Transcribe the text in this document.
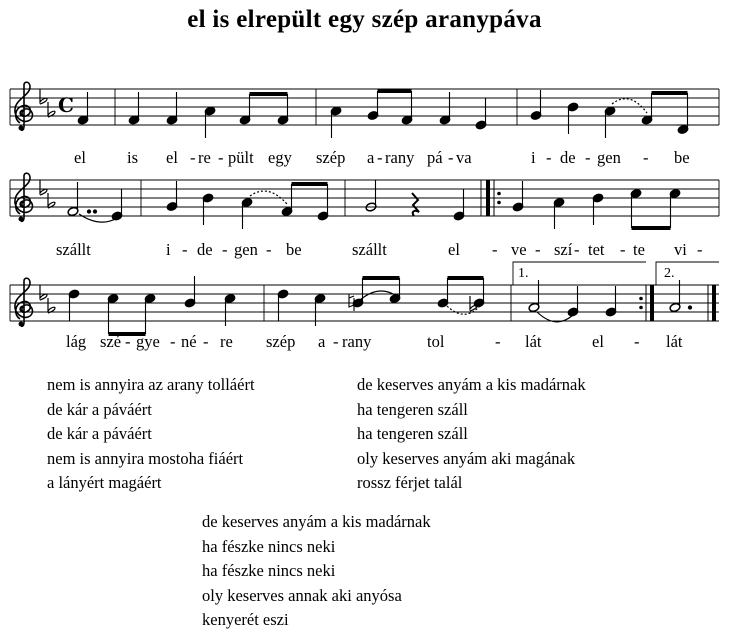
el is elrepült egy szép aranypáva
C
el is el - re - pült egy szép a - rany pá - va	i - de - gen - be
szállt	i - de - gen - be	szállt	el - ve - szí - tet - te vi -
1.	2.
lág szé - gye - né - re szép a - rany	tol	- lát	el - lát
nem is annyira az arany tolláért
de kár a páváért
de kár a páváért
nem is annyira mostoha fiáért
a lányért magáért
de keserves anyám a kis madárnak
ha tengeren száll
ha tengeren száll
oly keserves anyám aki magának
rossz férjet talál
de keserves anyám a kis madárnak
ha fészke nincs neki
ha fészke nincs neki
oly keserves annak aki anyósa
kenyerét eszi
